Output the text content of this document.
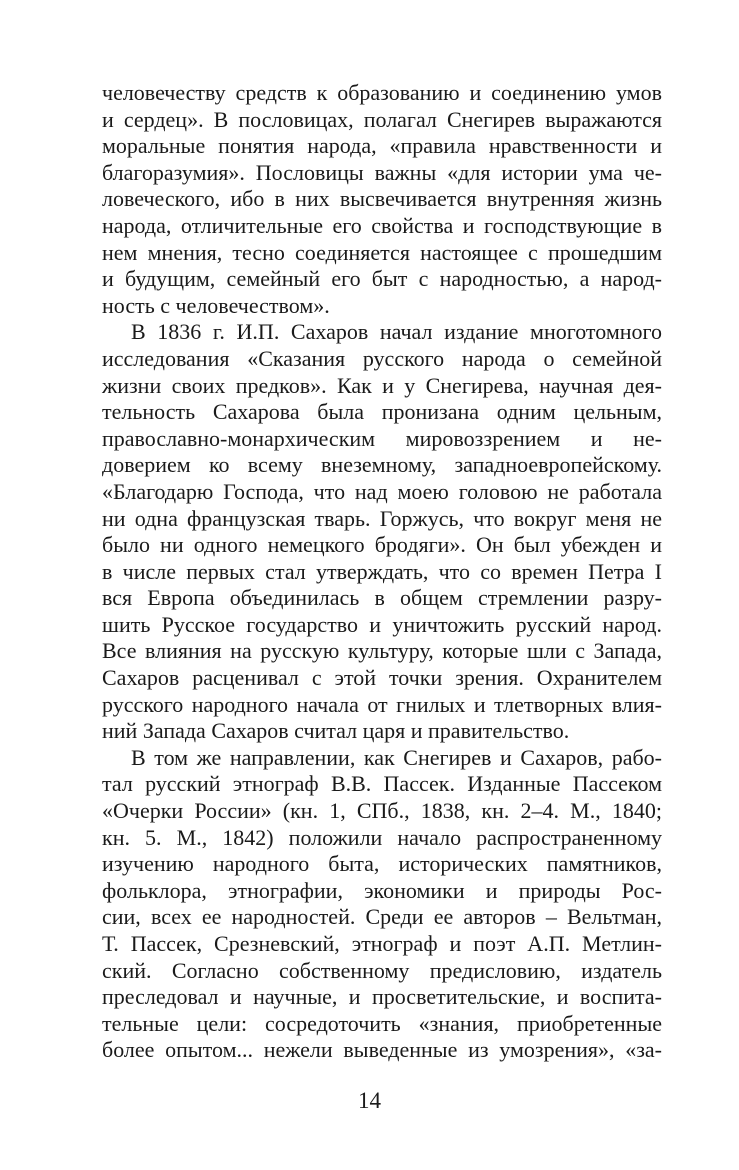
человечеству средств к образованию и соединению умов
и сердец». В пословицах, полагал Снегирев выражаются
моральные понятия народа, «правила нравственности и
благоразумия». Пословицы важны «для истории ума че-
ловеческого, ибо в них высвечивается внутренняя жизнь
народа, отличительные его свойства и господствующие в
нем мнения, тесно соединяется настоящее с прошедшим
и будущим, семейный его быт с народностью, а народ-
ность с человечеством».
В 1836 г. И.П. Сахаров начал издание многотомного
исследования «Сказания русского народа о семейной
жизни своих предков». Как и у Снегирева, научная дея-
тельность Сахарова была пронизана одним цельным,
православно-монархическим мировоззрением и не-
доверием ко всему внеземному, западноевропейскому.
«Благодарю Господа, что над моею головою не работала
ни одна французская тварь. Горжусь, что вокруг меня не
было ни одного немецкого бродяги». Он был убежден и
в числе первых стал утверждать, что со времен Петра I
вся Европа объединилась в общем стремлении разру-
шить Русское государство и уничтожить русский народ.
Все влияния на русскую культуру, которые шли с Запада,
Сахаров расценивал с этой точки зрения. Охранителем
русского народного начала от гнилых и тлетворных влия-
ний Запада Сахаров считал царя и правительство.
В том же направлении, как Снегирев и Сахаров, рабо-
тал русский этнограф В.В. Пассек. Изданные Пассеком
«Очерки России» (кн. 1, СПб., 1838, кн. 2–4. М., 1840;
кн. 5. М., 1842) положили начало распространенному
изучению народного быта, исторических памятников,
фольклора, этнографии, экономики и природы Рос-
сии, всех ее народностей. Среди ее авторов – Вельтман,
Т. Пассек, Срезневский, этнограф и поэт А.П. Метлин-
ский. Согласно собственному предисловию, издатель
преследовал и научные, и просветительские, и воспита-
тельные цели: сосредоточить «знания, приобретенные
более опытом... нежели выведенные из умозрения», «за-
14
